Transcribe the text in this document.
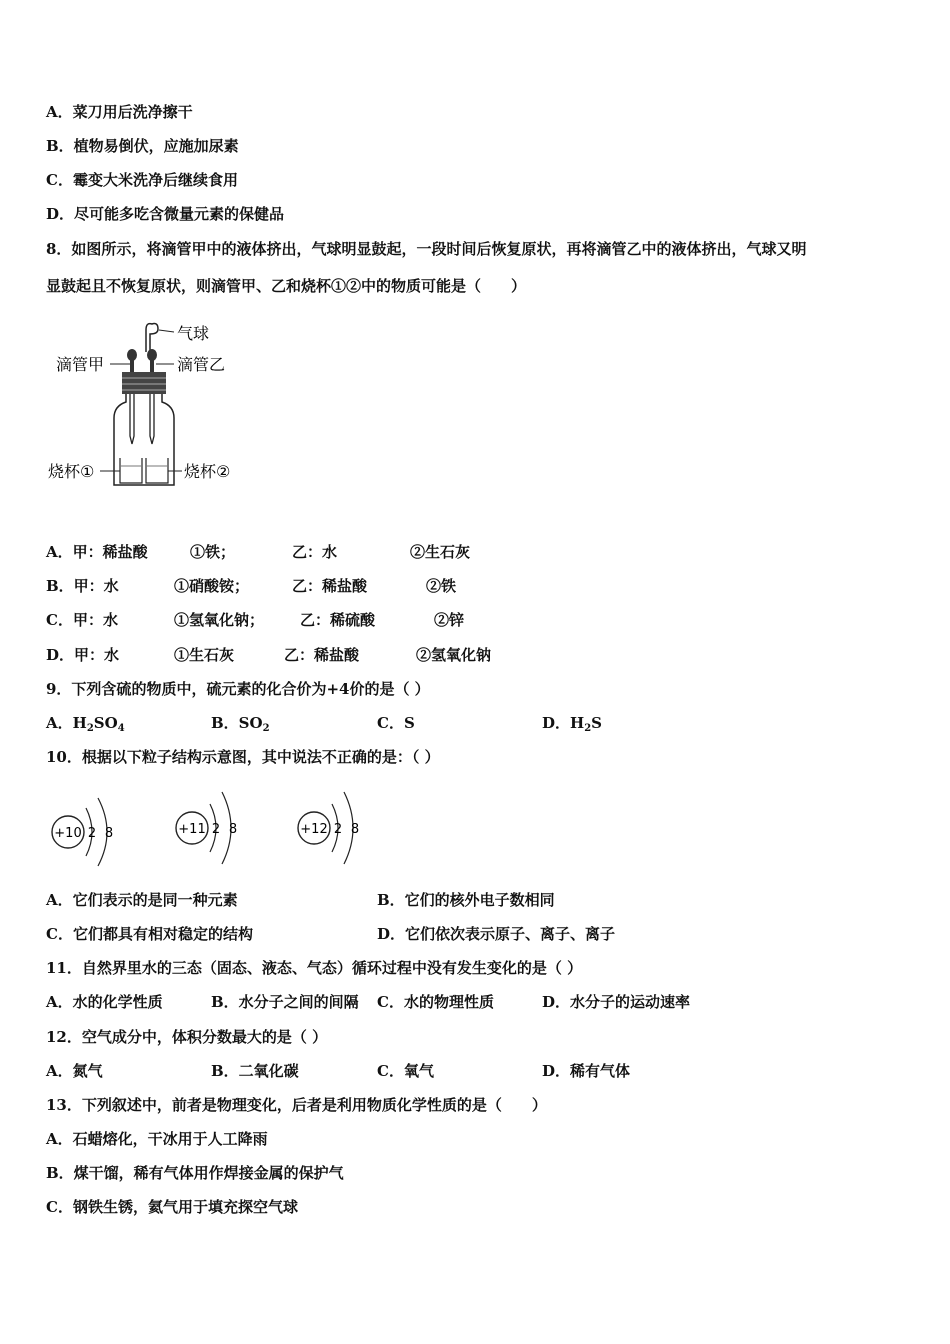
A．菜刀用后洗净擦干
B．植物易倒伏，应施加尿素
C．霉变大米洗净后继续食用
D．尽可能多吃含微量元素的保健品
8．如图所示，将滴管甲中的液体挤出，气球明显鼓起，一段时间后恢复原状，再将滴管乙中的液体挤出，气球又明
显鼓起且不恢复原状，则滴管甲、乙和烧杯①②中的物质可能是（　　）
气球
滴管甲	滴管乙
烧杯①	烧杯②
A．甲：稀盐酸	①铁；	乙：水	②生石灰
B．甲：水	①硝酸铵；	乙：稀盐酸	②铁
C．甲：水	①氢氧化钠； 乙：稀硫酸	②锌
D．甲：水	①生石灰	乙：稀盐酸	②氢氧化钠
9．下列含硫的物质中，硫元素的化合价为+4价的是（ ）
A．$H_2SO_4$	B．$SO_2$	C．S	D．$H_2S$
10．根据以下粒子结构示意图，其中说法不正确的是：（ ）
+10 2 8	+11 2 8	+12 2 8
A．它们表示的是同一种元素	B．它们的核外电子数相同
C．它们都具有相对稳定的结构	D．它们依次表示原子、离子、离子
11．自然界里水的三态（固态、液态、气态）循环过程中没有发生变化的是（ ）
A．水的化学性质	B．水分子之间的间隔 C．水的物理性质	D．水分子的运动速率
12．空气成分中，体积分数最大的是（ ）
A．氮气	B．二氧化碳	C．氧气	D．稀有气体
13．下列叙述中，前者是物理变化，后者是利用物质化学性质的是（　　）
A．石蜡熔化，干冰用于人工降雨
B．煤干馏，稀有气体用作焊接金属的保护气
C．钢铁生锈，氦气用于填充探空气球
